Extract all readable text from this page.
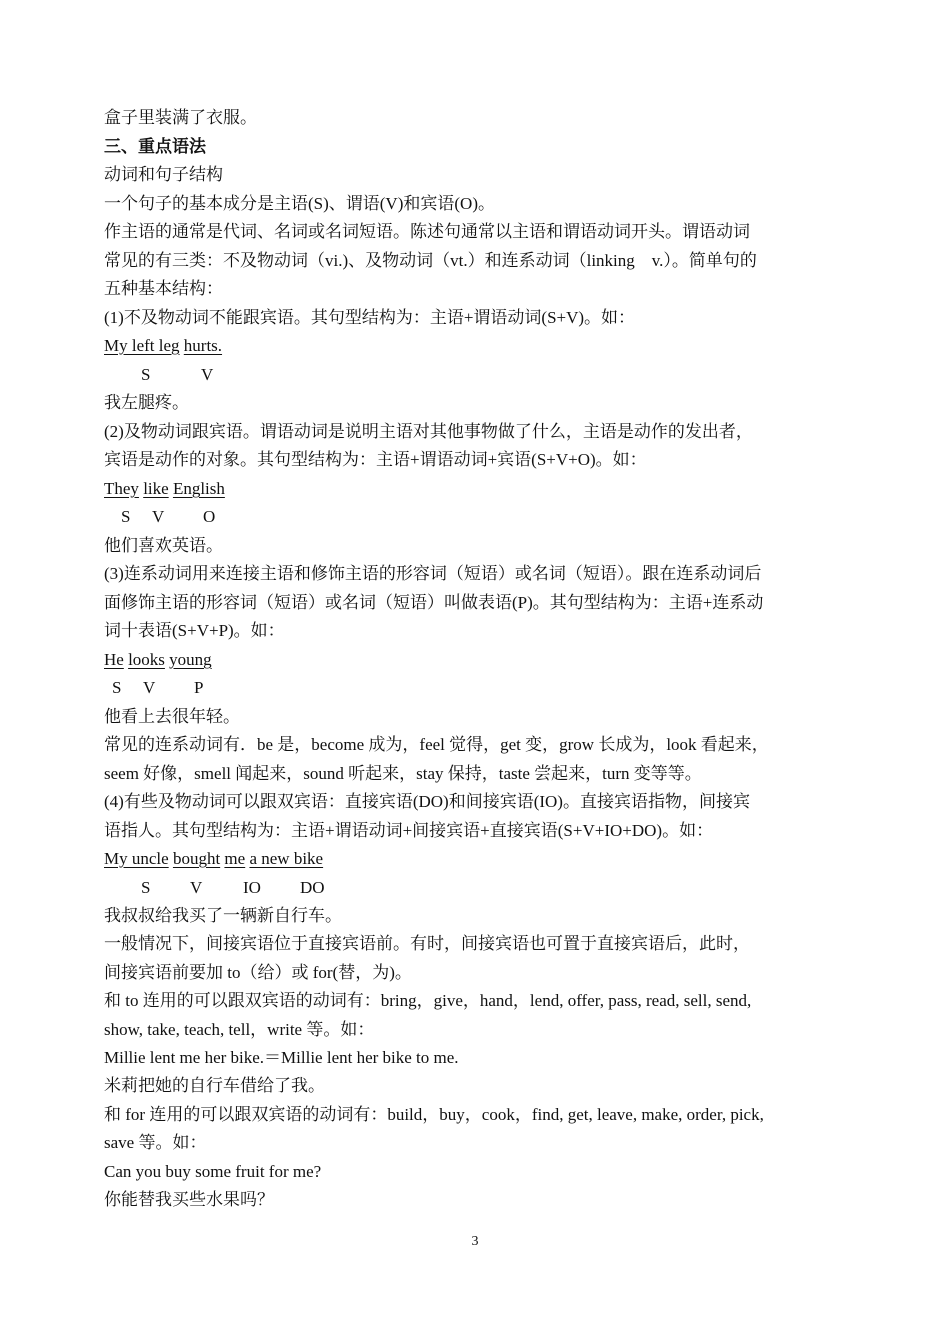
盒子里装满了衣服。
三、重点语法
动词和句子结构
一个句子的基本成分是主语(S)、谓语(V)和宾语(O)。
作主语的通常是代词、名词或名词短语。陈述句通常以主语和谓语动词开头。谓语动词
常见的有三类：不及物动词（vi.)、及物动词（vt.）和连系动词（linking　v.）。简单句的
五种基本结构：
(1)不及物动词不能跟宾语。其句型结构为：主语+谓语动词(S+V)。如：
My left leg hurts.
S	V
我左腿疼。
(2)及物动词跟宾语。谓语动词是说明主语对其他事物做了什么，主语是动作的发出者，
宾语是动作的对象。其句型结构为：主语+谓语动词+宾语(S+V+O)。如：
They like English
S V O
他们喜欢英语。
(3)连系动词用来连接主语和修饰主语的形容词（短语）或名词（短语）。跟在连系动词后
面修饰主语的形容词（短语）或名词（短语）叫做表语(P)。其句型结构为：主语+连系动
词十表语(S+V+P)。如：
He looks young
S V P
他看上去很年轻。
常见的连系动词有．be 是，become 成为，feel 觉得，get 变，grow 长成为，look 看起来，
seem 好像，smell 闻起来，sound 听起来，stay 保持，taste 尝起来，turn 变等等。
(4)有些及物动词可以跟双宾语：直接宾语(DO)和间接宾语(IO)。直接宾语指物，间接宾
语指人。其句型结构为：主语+谓语动词+间接宾语+直接宾语(S+V+IO+DO)。如：
My uncle bought me a new bike
S V IO DO
我叔叔给我买了一辆新自行车。
一般情况下，间接宾语位于直接宾语前。有时，间接宾语也可置于直接宾语后，此时，
间接宾语前要加 to（给）或 for(替，为)。
和 to 连用的可以跟双宾语的动词有：bring，give，hand，lend, offer, pass, read, sell, send,
show, take, teach, tell，write 等。如：
Millie lent me her bike.＝Millie lent her bike to me.
米莉把她的自行车借给了我。
和 for 连用的可以跟双宾语的动词有：build，buy，cook，find, get, leave, make, order, pick,
save 等。如：
Can you buy some fruit for me?
你能替我买些水果吗？
3
